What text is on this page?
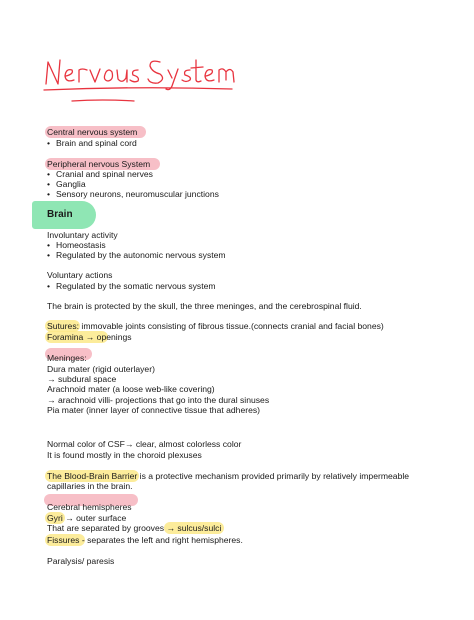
Central nervous system
• Brain and spinal cord
Peripheral nervous System
• Cranial and spinal nerves
• Ganglia
• Sensory neurons, neuromuscular junctions
Brain
Involuntary activity
• Homeostasis
• Regulated by the autonomic nervous system
Voluntary actions
• Regulated by the somatic nervous system
The brain is protected by the skull, the three meninges, and the cerebrospinal fluid.
Sutures: immovable joints consisting of fibrous tissue.(connects cranial and facial bones)
Foramina → openings
Meninges:
Dura mater (rigid outerlayer)
→ subdural space
Arachnoid mater (a loose web-like covering)
→ arachnoid villi- projections that go into the dural sinuses
Pia mater (inner layer of connective tissue that adheres)
Normal color of CSF→ clear, almost colorless color
It is found mostly in the choroid plexuses
The Blood-Brain Barrier is a protective mechanism provided primarily by relatively impermeable
capillaries in the brain.
Cerebral hemispheres
Gyri → outer surface
That are separated by grooves → sulcus/sulci
Fissures - separates the left and right hemispheres.
Paralysis/ paresis
